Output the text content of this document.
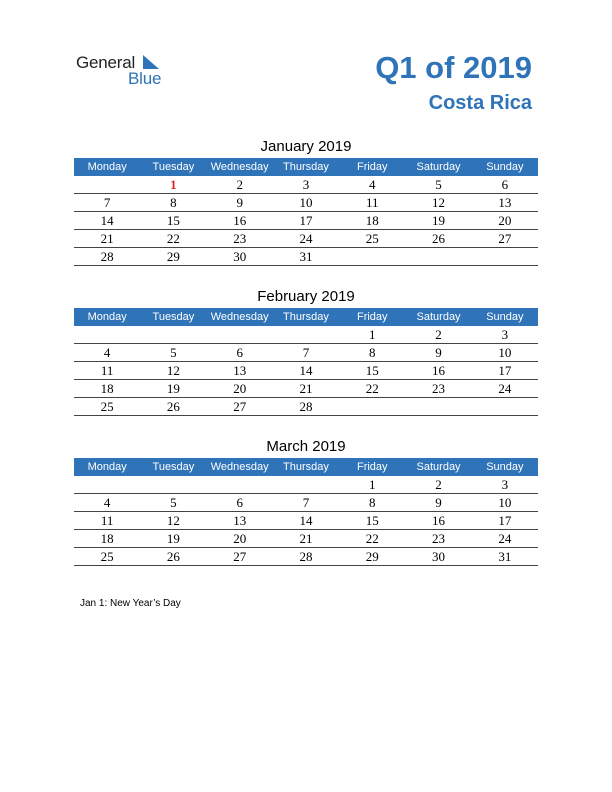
General
Blue	Q1 of 2019
Costa Rica
January 2019
Monday	Tuesday	Wednesday	Thursday	Friday	Saturday	Sunday
	1	2	3	4	5	6
7	8	9	10	11	12	13
14	15	16	17	18	19	20
21	22	23	24	25	26	27
28	29	30	31			
February 2019
Monday	Tuesday	Wednesday	Thursday	Friday	Saturday	Sunday
				1	2	3
4	5	6	7	8	9	10
11	12	13	14	15	16	17
18	19	20	21	22	23	24
25	26	27	28			
March 2019
Monday	Tuesday	Wednesday	Thursday	Friday	Saturday	Sunday
				1	2	3
4	5	6	7	8	9	10
11	12	13	14	15	16	17
18	19	20	21	22	23	24
25	26	27	28	29	30	31
Jan 1: New Year’s Day
